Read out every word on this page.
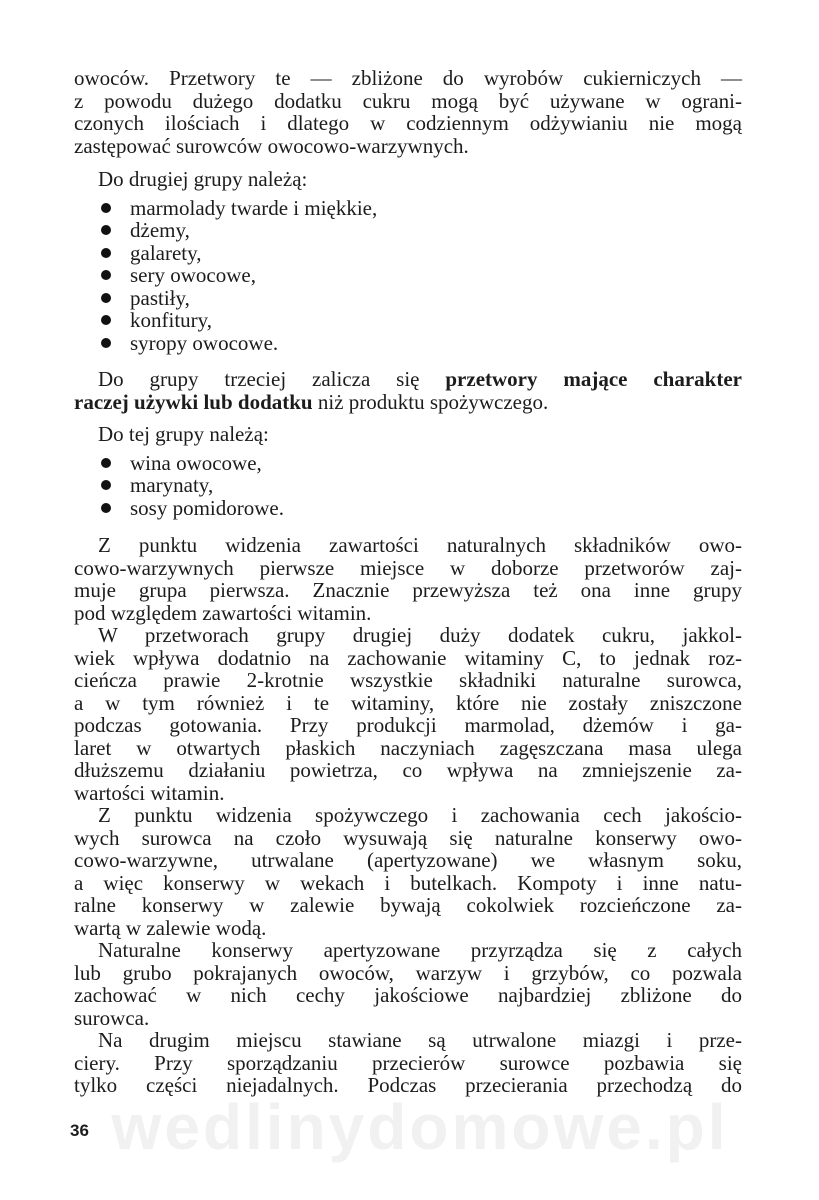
wedlinydomowe.pl

owoców. Przetwory te — zbliżone do wyrobów cukierniczych —

z powodu dużego dodatku cukru mogą być używane w ograni-

czonych ilościach i dlatego w codziennym odżywianiu nie mogą

zastępować surowców owocowo-warzywnych.

Do drugiej grupy należą:

marmolady twarde i miękkie,
dżemy,
galarety,
sery owocowe,
pastiły,
konfitury,
syropy owocowe.

Do grupy trzeciej zalicza się przetwory mające charakter

raczej używki lub dodatku niż produktu spożywczego.

Do tej grupy należą:

wina owocowe,
marynaty,
sosy pomidorowe.

Z punktu widzenia zawartości naturalnych składników owo-

cowo-warzywnych pierwsze miejsce w doborze przetworów zaj-

muje grupa pierwsza. Znacznie przewyższa też ona inne grupy

pod względem zawartości witamin.

W przetworach grupy drugiej duży dodatek cukru, jakkol-

wiek wpływa dodatnio na zachowanie witaminy C, to jednak roz-

cieńcza prawie 2-krotnie wszystkie składniki naturalne surowca,

a w tym również i te witaminy, które nie zostały zniszczone

podczas gotowania. Przy produkcji marmolad, dżemów i ga-

laret w otwartych płaskich naczyniach zagęszczana masa ulega

dłuższemu działaniu powietrza, co wpływa na zmniejszenie za-

wartości witamin.

Z punktu widzenia spożywczego i zachowania cech jakościo-

wych surowca na czoło wysuwają się naturalne konserwy owo-

cowo-warzywne, utrwalane (apertyzowane) we własnym soku,

a więc konserwy w wekach i butelkach. Kompoty i inne natu-

ralne konserwy w zalewie bywają cokolwiek rozcieńczone za-

wartą w zalewie wodą.

Naturalne konserwy apertyzowane przyrządza się z całych

lub grubo pokrajanych owoców, warzyw i grzybów, co pozwala

zachować w nich cechy jakościowe najbardziej zbliżone do

surowca.

Na drugim miejscu stawiane są utrwalone miazgi i prze-

ciery. Przy sporządzaniu przecierów surowce pozbawia się

tylko części niejadalnych. Podczas przecierania przechodzą do

36
